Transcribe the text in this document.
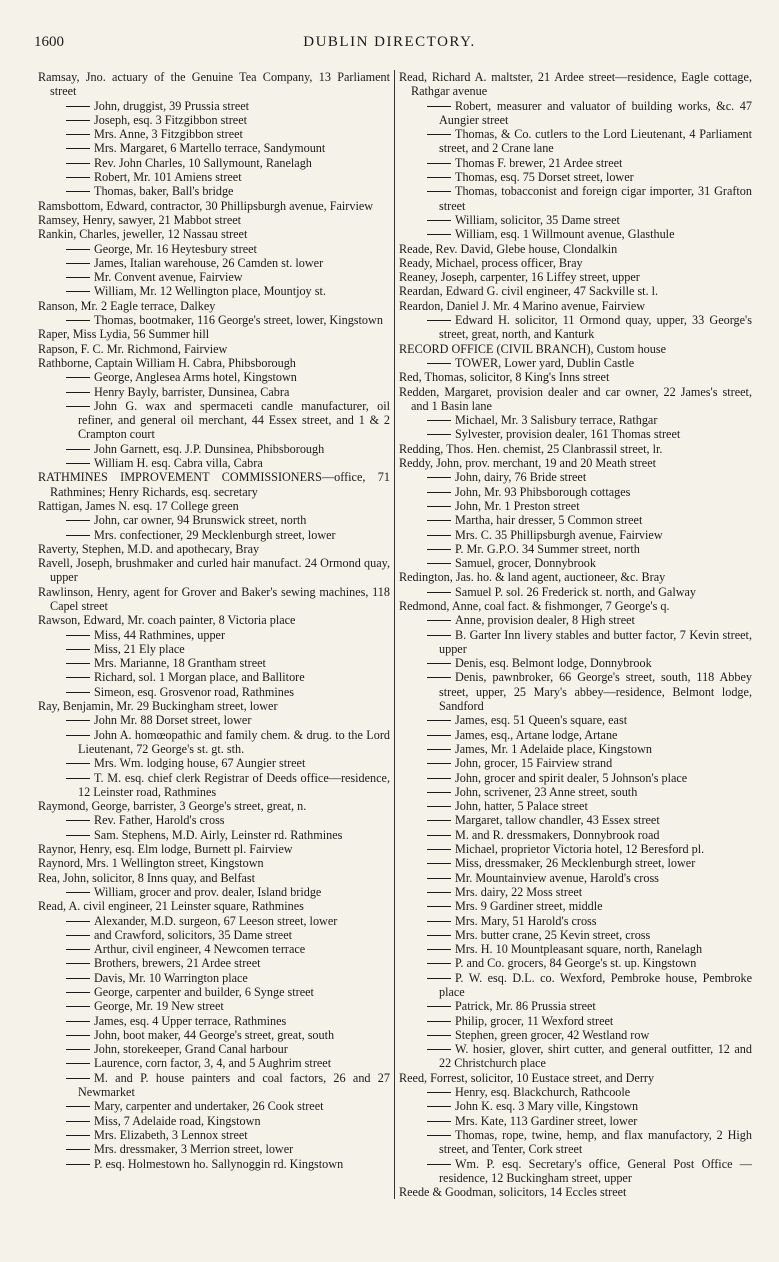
1600	DUBLIN DIRECTORY.
Ramsay, Jno. actuary of the Genuine Tea Company, 13 Parliament street
John, druggist, 39 Prussia street
Joseph, esq. 3 Fitzgibbon street
Mrs. Anne, 3 Fitzgibbon street
Mrs. Margaret, 6 Martello terrace, Sandymount
Rev. John Charles, 10 Sallymount, Ranelagh
Robert, Mr. 101 Amiens street
Thomas, baker, Ball's bridge
Ramsbottom, Edward, contractor, 30 Phillipsburgh avenue, Fairview
Ramsey, Henry, sawyer, 21 Mabbot street
Rankin, Charles, jeweller, 12 Nassau street
George, Mr. 16 Heytesbury street
James, Italian warehouse, 26 Camden st. lower
Mr. Convent avenue, Fairview
William, Mr. 12 Wellington place, Mountjoy st.
Ranson, Mr. 2 Eagle terrace, Dalkey
Thomas, bootmaker, 116 George's street, lower, Kingstown
Raper, Miss Lydia, 56 Summer hill
Rapson, F. C. Mr. Richmond, Fairview
Rathborne, Captain William H. Cabra, Phibsborough
George, Anglesea Arms hotel, Kingstown
Henry Bayly, barrister, Dunsinea, Cabra
John G. wax and spermaceti candle manufacturer, oil refiner, and general oil merchant, 44 Essex street, and 1 & 2 Crampton court
John Garnett, esq. J.P. Dunsinea, Phibsborough
William H. esq. Cabra villa, Cabra
RATHMINES IMPROVEMENT COMMISSIONERS—office, 71 Rathmines; Henry Richards, esq. secretary
Rattigan, James N. esq. 17 College green
John, car owner, 94 Brunswick street, north
Mrs. confectioner, 29 Mecklenburgh street, lower
Raverty, Stephen, M.D. and apothecary, Bray
Ravell, Joseph, brushmaker and curled hair manufact. 24 Ormond quay, upper
Rawlinson, Henry, agent for Grover and Baker's sewing machines, 118 Capel street
Rawson, Edward, Mr. coach painter, 8 Victoria place
Miss, 44 Rathmines, upper
Miss, 21 Ely place
Mrs. Marianne, 18 Grantham street
Richard, sol. 1 Morgan place, and Ballitore
Simeon, esq. Grosvenor road, Rathmines
Ray, Benjamin, Mr. 29 Buckingham street, lower
John Mr. 88 Dorset street, lower
John A. homœopathic and family chem. & drug. to the Lord Lieutenant, 72 George's st. gt. sth.
Mrs. Wm. lodging house, 67 Aungier street
T. M. esq. chief clerk Registrar of Deeds office—residence, 12 Leinster road, Rathmines
Raymond, George, barrister, 3 George's street, great, n.
Rev. Father, Harold's cross
Sam. Stephens, M.D. Airly, Leinster rd. Rathmines
Raynor, Henry, esq. Elm lodge, Burnett pl. Fairview
Raynord, Mrs. 1 Wellington street, Kingstown
Rea, John, solicitor, 8 Inns quay, and Belfast
William, grocer and prov. dealer, Island bridge
Read, A. civil engineer, 21 Leinster square, Rathmines
Alexander, M.D. surgeon, 67 Leeson street, lower
and Crawford, solicitors, 35 Dame street
Arthur, civil engineer, 4 Newcomen terrace
Brothers, brewers, 21 Ardee street
Davis, Mr. 10 Warrington place
George, carpenter and builder, 6 Synge street
George, Mr. 19 New street
James, esq. 4 Upper terrace, Rathmines
John, boot maker, 44 George's street, great, south
John, storekeeper, Grand Canal harbour
Laurence, corn factor, 3, 4, and 5 Aughrim street
M. and P. house painters and coal factors, 26 and 27 Newmarket
Mary, carpenter and undertaker, 26 Cook street
Miss, 7 Adelaide road, Kingstown
Mrs. Elizabeth, 3 Lennox street
Mrs. dressmaker, 3 Merrion street, lower
P. esq. Holmestown ho. Sallynoggin rd. Kingstown
Read, Richard A. maltster, 21 Ardee street—residence, Eagle cottage, Rathgar avenue
Robert, measurer and valuator of building works, &c. 47 Aungier street
Thomas, & Co. cutlers to the Lord Lieutenant, 4 Parliament street, and 2 Crane lane
Thomas F. brewer, 21 Ardee street
Thomas, esq. 75 Dorset street, lower
Thomas, tobacconist and foreign cigar importer, 31 Grafton street
William, solicitor, 35 Dame street
William, esq. 1 Willmount avenue, Glasthule
Reade, Rev. David, Glebe house, Clondalkin
Ready, Michael, process officer, Bray
Reaney, Joseph, carpenter, 16 Liffey street, upper
Reardan, Edward G. civil engineer, 47 Sackville st. l.
Reardon, Daniel J. Mr. 4 Marino avenue, Fairview
Edward H. solicitor, 11 Ormond quay, upper, 33 George's street, great, north, and Kanturk
RECORD OFFICE (CIVIL BRANCH), Custom house
TOWER, Lower yard, Dublin Castle
Red, Thomas, solicitor, 8 King's Inns street
Redden, Margaret, provision dealer and car owner, 22 James's street, and 1 Basin lane
Michael, Mr. 3 Salisbury terrace, Rathgar
Sylvester, provision dealer, 161 Thomas street
Redding, Thos. Hen. chemist, 25 Clanbrassil street, lr.
Reddy, John, prov. merchant, 19 and 20 Meath street
John, dairy, 76 Bride street
John, Mr. 93 Phibsborough cottages
John, Mr. 1 Preston street
Martha, hair dresser, 5 Common street
Mrs. C. 35 Phillipsburgh avenue, Fairview
P. Mr. G.P.O. 34 Summer street, north
Samuel, grocer, Donnybrook
Redington, Jas. ho. & land agent, auctioneer, &c. Bray
Samuel P. sol. 26 Frederick st. north, and Galway
Redmond, Anne, coal fact. & fishmonger, 7 George's q.
Anne, provision dealer, 8 High street
B. Garter Inn livery stables and butter factor, 7 Kevin street, upper
Denis, esq. Belmont lodge, Donnybrook
Denis, pawnbroker, 66 George's street, south, 118 Abbey street, upper, 25 Mary's abbey—residence, Belmont lodge, Sandford
James, esq. 51 Queen's square, east
James, esq., Artane lodge, Artane
James, Mr. 1 Adelaide place, Kingstown
John, grocer, 15 Fairview strand
John, grocer and spirit dealer, 5 Johnson's place
John, scrivener, 23 Anne street, south
John, hatter, 5 Palace street
Margaret, tallow chandler, 43 Essex street
M. and R. dressmakers, Donnybrook road
Michael, proprietor Victoria hotel, 12 Beresford pl.
Miss, dressmaker, 26 Mecklenburgh street, lower
Mr. Mountainview avenue, Harold's cross
Mrs. dairy, 22 Moss street
Mrs. 9 Gardiner street, middle
Mrs. Mary, 51 Harold's cross
Mrs. butter crane, 25 Kevin street, cross
Mrs. H. 10 Mountpleasant square, north, Ranelagh
P. and Co. grocers, 84 George's st. up. Kingstown
P. W. esq. D.L. co. Wexford, Pembroke house, Pembroke place
Patrick, Mr. 86 Prussia street
Philip, grocer, 11 Wexford street
Stephen, green grocer, 42 Westland row
W. hosier, glover, shirt cutter, and general outfitter, 12 and 22 Christchurch place
Reed, Forrest, solicitor, 10 Eustace street, and Derry
Henry, esq. Blackchurch, Rathcoole
John K. esq. 3 Mary ville, Kingstown
Mrs. Kate, 113 Gardiner street, lower
Thomas, rope, twine, hemp, and flax manufactory, 2 High street, and Tenter, Cork street
Wm. P. esq. Secretary's office, General Post Office —residence, 12 Buckingham street, upper
Reede & Goodman, solicitors, 14 Eccles street
